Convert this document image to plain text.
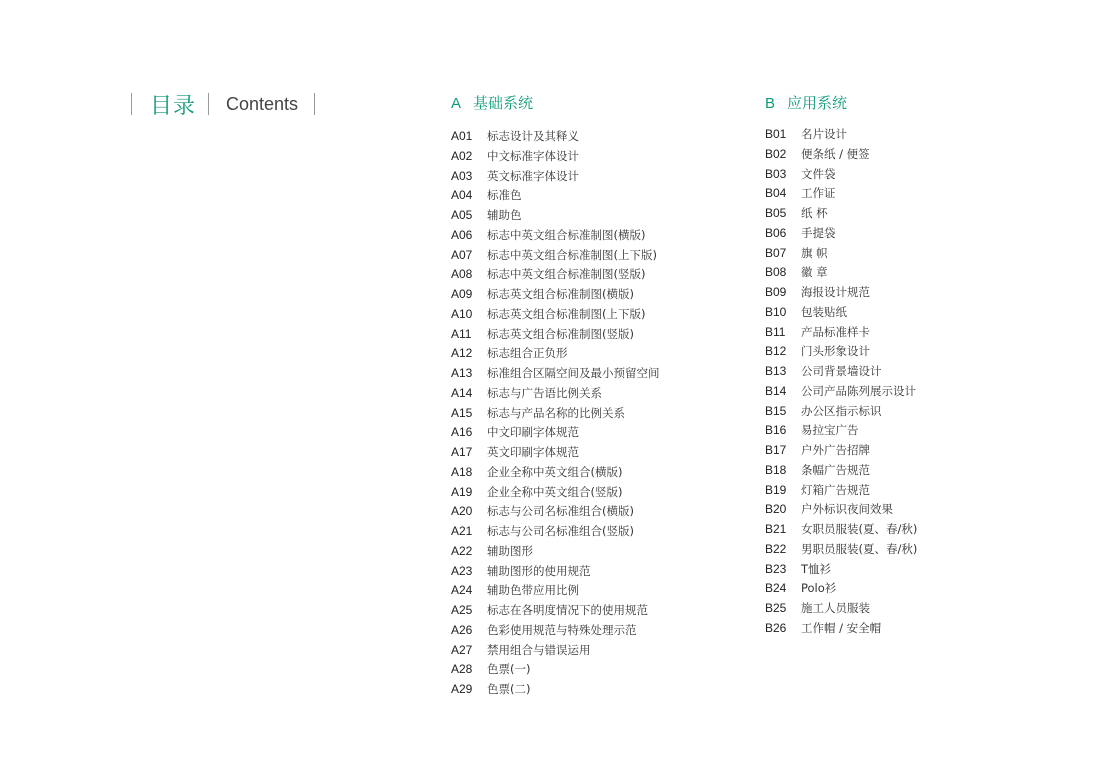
目录 Contents	A 基础系统
A01 标志设计及其释义
A02 中文标准字体设计
A03 英文标准字体设计
A04 标准色
A05 辅助色
A06 标志中英文组合标准制图(横版)
A07 标志中英文组合标准制图(上下版)
A08 标志中英文组合标准制图(竖版)
A09 标志英文组合标准制图(横版)
A10 标志英文组合标准制图(上下版)
A11 标志英文组合标准制图(竖版)
A12 标志组合正负形
A13 标准组合区隔空间及最小预留空间
A14 标志与广告语比例关系
A15 标志与产品名称的比例关系
A16 中文印刷字体规范
A17 英文印刷字体规范
A18 企业全称中英文组合(横版)
A19 企业全称中英文组合(竖版)
A20 标志与公司名标准组合(横版)
A21 标志与公司名标准组合(竖版)
A22 辅助图形
A23 辅助图形的使用规范
A24 辅助色带应用比例
A25 标志在各明度情况下的使用规范
A26 色彩使用规范与特殊处理示范
A27 禁用组合与错误运用
A28 色票(一)
A29 色票(二)
B 应用系统
B01 名片设计
B02 便条纸 / 便签
B03 文件袋
B04 工作证
B05 纸 杯
B06 手提袋
B07 旗 帜
B08 徽 章
B09 海报设计规范
B10 包装贴纸
B11 产品标准样卡
B12 门头形象设计
B13 公司背景墙设计
B14 公司产品陈列展示设计
B15 办公区指示标识
B16 易拉宝广告
B17 户外广告招牌
B18 条幅广告规范
B19 灯箱广告规范
B20 户外标识夜间效果
B21 女职员服装(夏、春/秋)
B22 男职员服装(夏、春/秋)
B23 T恤衫
B24 Polo衫
B25 施工人员服装
B26 工作帽 / 安全帽
